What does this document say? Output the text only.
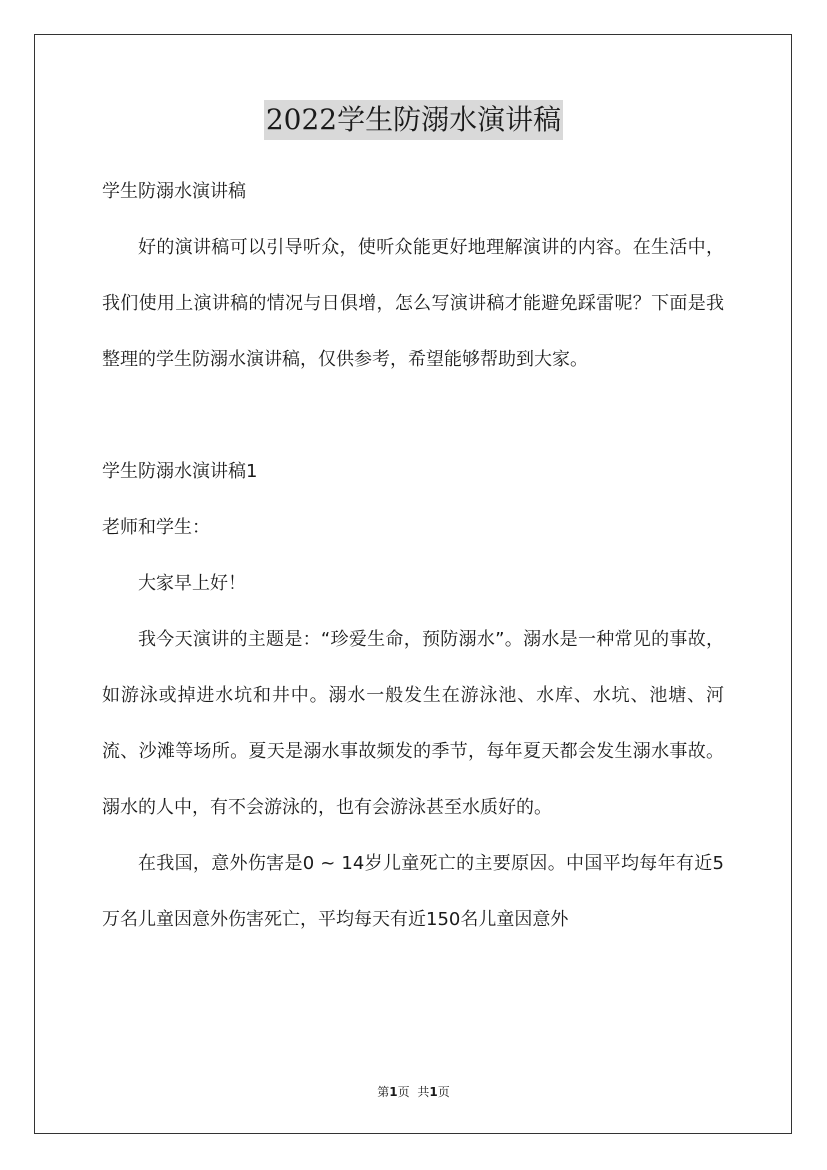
2022学生防溺水演讲稿

学生防溺水演讲稿

好的演讲稿可以引导听众，使听众能更好地理解演讲的内容。在生活中，我们使用上演讲稿的情况与日俱增，怎么写演讲稿才能避免踩雷呢？下面是我整理的学生防溺水演讲稿，仅供参考，希望能够帮助到大家。

学生防溺水演讲稿1

老师和学生：

大家早上好！

我今天演讲的主题是：“珍爱生命，预防溺水”。溺水是一种常见的事故，如游泳或掉进水坑和井中。溺水一般发生在游泳池、水库、水坑、池塘、河流、沙滩等场所。夏天是溺水事故频发的季节，每年夏天都会发生溺水事故。溺水的人中，有不会游泳的，也有会游泳甚至水质好的。

在我国，意外伤害是0 ~ 14岁儿童死亡的主要原因。中国平均每年有近5万名儿童因意外伤害死亡，平均每天有近150名儿童因意外

第1页 共1页
